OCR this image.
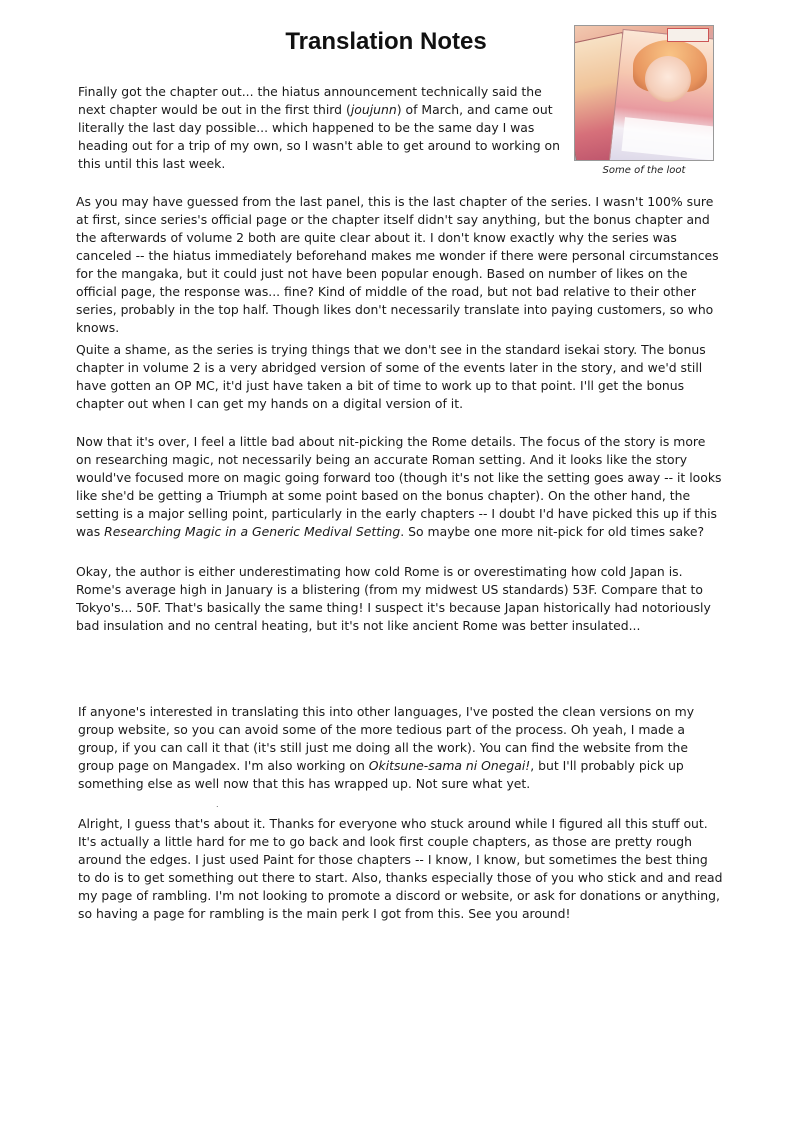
Translation Notes
Some of the loot

Finally got the chapter out... the hiatus announcement technically said the next chapter would be out in the first third (joujunn) of March, and came out literally the last day possible... which happened to be the same day I was heading out for a trip of my own, so I wasn't able to get around to working on this until this last week.

As you may have guessed from the last panel, this is the last chapter of the series. I wasn't 100% sure at first, since series's official page or the chapter itself didn't say anything, but the bonus chapter and the afterwards of volume 2 both are quite clear about it. I don't know exactly why the series was canceled -- the hiatus immediately beforehand makes me wonder if there were personal circumstances for the mangaka, but it could just not have been popular enough. Based on number of likes on the official page, the response was... fine? Kind of middle of the road, but not bad relative to their other series, probably in the top half. Though likes don't necessarily translate into paying customers, so who knows.

Quite a shame, as the series is trying things that we don't see in the standard isekai story. The bonus chapter in volume 2 is a very abridged version of some of the events later in the story, and we'd still have gotten an OP MC, it'd just have taken a bit of time to work up to that point. I'll get the bonus chapter out when I can get my hands on a digital version of it.

Now that it's over, I feel a little bad about nit-picking the Rome details. The focus of the story is more on researching magic, not necessarily being an accurate Roman setting. And it looks like the story would've focused more on magic going forward too (though it's not like the setting goes away -- it looks like she'd be getting a Triumph at some point based on the bonus chapter). On the other hand, the setting is a major selling point, particularly in the early chapters -- I doubt I'd have picked this up if this was Researching Magic in a Generic Medival Setting. So maybe one more nit-pick for old times sake?

Okay, the author is either underestimating how cold Rome is or overestimating how cold Japan is. Rome's average high in January is a blistering (from my midwest US standards) 53F. Compare that to Tokyo's... 50F. That's basically the same thing! I suspect it's because Japan historically had notoriously bad insulation and no central heating, but it's not like ancient Rome was better insulated...

If anyone's interested in translating this into other languages, I've posted the clean versions on my group website, so you can avoid some of the more tedious part of the process. Oh yeah, I made a group, if you can call it that (it's still just me doing all the work). You can find the website from the group page on Mangadex. I'm also working on Okitsune-sama ni Onegai!, but I'll probably pick up something else as well now that this has wrapped up. Not sure what yet.

.

Alright, I guess that's about it. Thanks for everyone who stuck around while I figured all this stuff out. It's actually a little hard for me to go back and look first couple chapters, as those are pretty rough around the edges. I just used Paint for those chapters -- I know, I know, but sometimes the best thing to do is to get something out there to start. Also, thanks especially those of you who stick and and read my page of rambling. I'm not looking to promote a discord or website, or ask for donations or anything, so having a page for rambling is the main perk I got from this. See you around!
